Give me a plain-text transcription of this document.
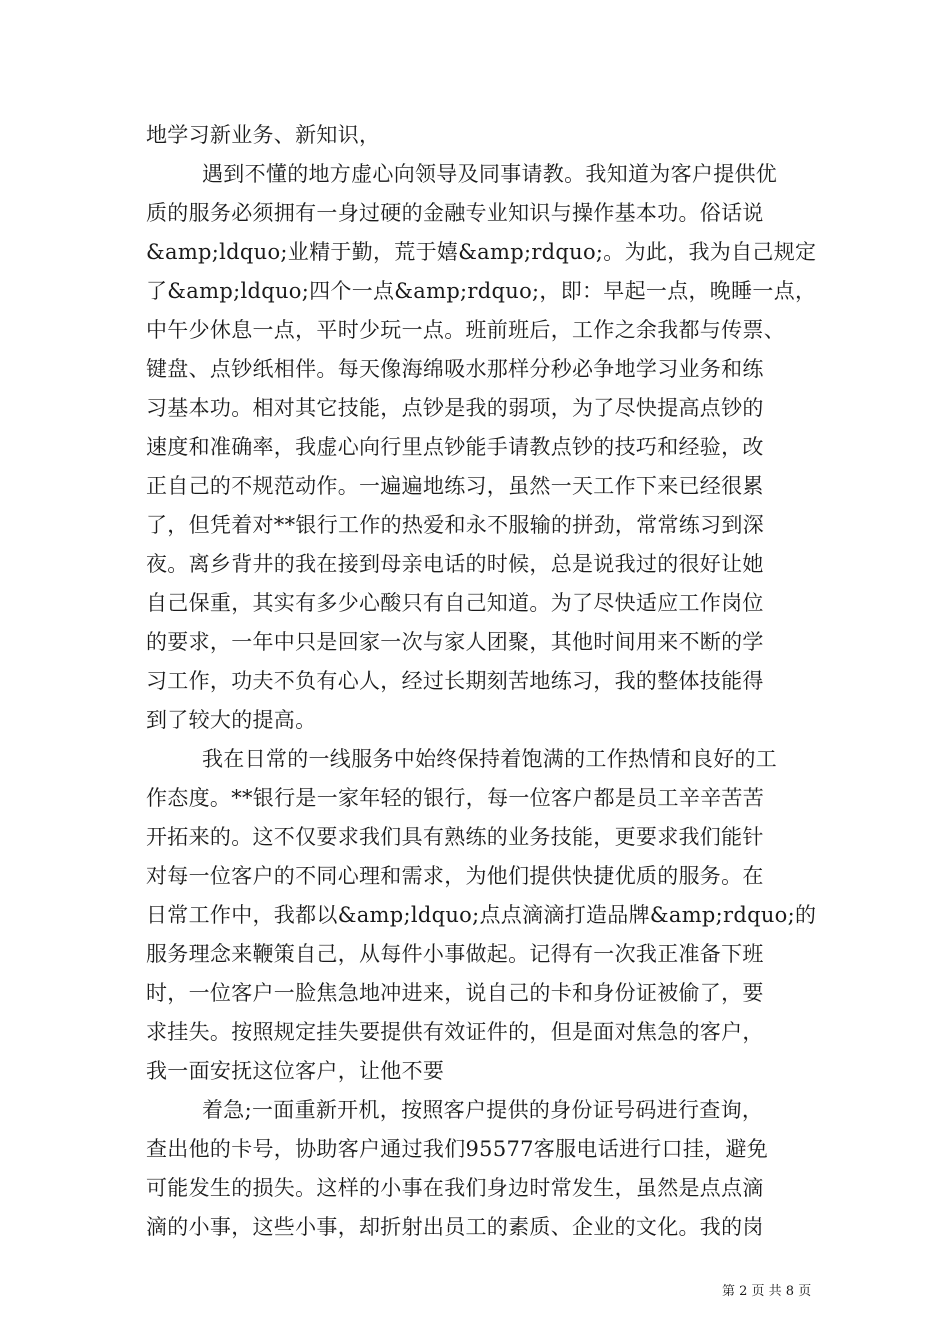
地学习新业务、新知识，
遇到不懂的地方虚心向领导及同事请教。我知道为客户提供优
质的服务必须拥有一身过硬的金融专业知识与操作基本功。俗话说
&amp;ldquo;业精于勤，荒于嬉&amp;rdquo;。为此，我为自己规定
了&amp;ldquo;四个一点&amp;rdquo;，即：早起一点，晚睡一点，
中午少休息一点，平时少玩一点。班前班后，工作之余我都与传票、
键盘、点钞纸相伴。每天像海绵吸水那样分秒必争地学习业务和练
习基本功。相对其它技能，点钞是我的弱项，为了尽快提高点钞的
速度和准确率，我虚心向行里点钞能手请教点钞的技巧和经验，改
正自己的不规范动作。一遍遍地练习，虽然一天工作下来已经很累
了，但凭着对**银行工作的热爱和永不服输的拼劲，常常练习到深
夜。离乡背井的我在接到母亲电话的时候，总是说我过的很好让她
自己保重，其实有多少心酸只有自己知道。为了尽快适应工作岗位
的要求，一年中只是回家一次与家人团聚，其他时间用来不断的学
习工作，功夫不负有心人，经过长期刻苦地练习，我的整体技能得
到了较大的提高。
我在日常的一线服务中始终保持着饱满的工作热情和良好的工
作态度。**银行是一家年轻的银行，每一位客户都是员工辛辛苦苦
开拓来的。这不仅要求我们具有熟练的业务技能，更要求我们能针
对每一位客户的不同心理和需求，为他们提供快捷优质的服务。在
日常工作中，我都以&amp;ldquo;点点滴滴打造品牌&amp;rdquo;的
服务理念来鞭策自己，从每件小事做起。记得有一次我正准备下班
时，一位客户一脸焦急地冲进来，说自己的卡和身份证被偷了，要
求挂失。按照规定挂失要提供有效证件的，但是面对焦急的客户，
我一面安抚这位客户，让他不要
着急;一面重新开机，按照客户提供的身份证号码进行查询，
查出他的卡号，协助客户通过我们95577客服电话进行口挂，避免
可能发生的损失。这样的小事在我们身边时常发生，虽然是点点滴
滴的小事，这些小事，却折射出员工的素质、企业的文化。我的岗
第 2 页 共 8 页
